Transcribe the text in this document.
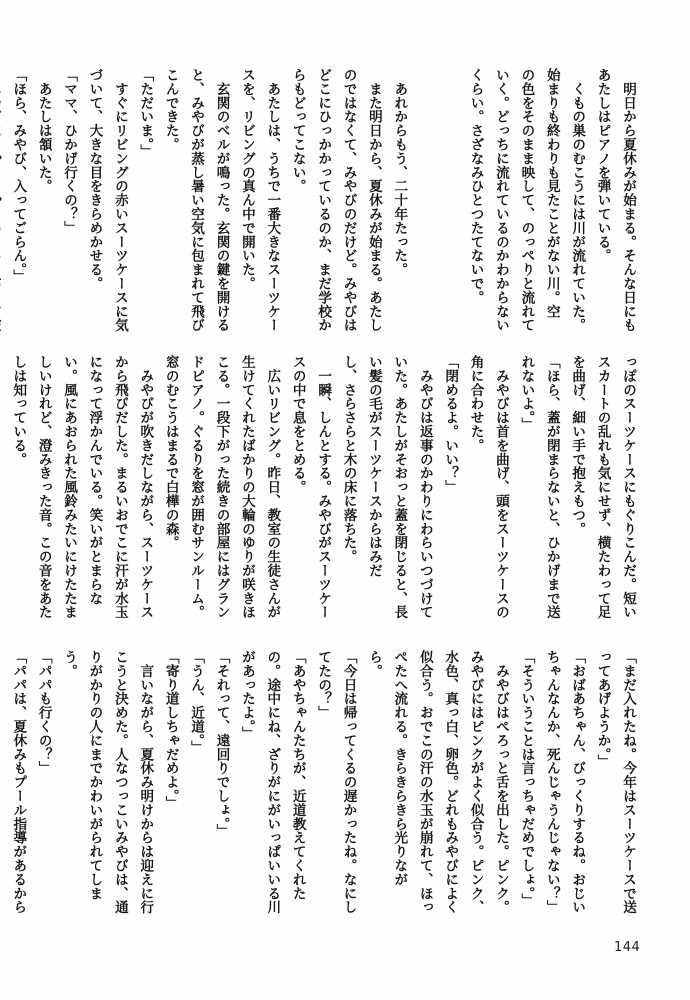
　明日から夏休みが始まる。そんな日にも
あたしはピアノを弾いている。
　くもの巣のむこうには川が流れていた。
始まりも終わりも見たことがない川。空
の色をそのまま映して、のっぺりと流れて
いく。どっちに流れているのかわからない
くらい。さざなみひとつたてないで。

　あれからもう、二十年たった。
　また明日から、夏休みが始まる。あたし
のではなくて、みやびのだけど。みやびは
どこにひっかかっているのか、まだ学校か
らもどってこない。
　あたしは、うちで一番大きなスーツケー
スを、リビングの真ん中で開いた。
　玄関のベルが鳴った。玄関の鍵を開ける
と、みやびが蒸し暑い空気に包まれて飛び
こんできた。
「ただいま。」
　すぐにリビングの赤いスーツケースに気
づいて、大きな目をきらめかせる。
「ママ、ひかげ行くの？」
　あたしは頷いた。
「ほら、みやび、入ってごらん。」
っぽのスーツケースにもぐりこんだ。短い
スカートの乱れも気にせず、横たわって足
を曲げ、細い手で抱えもつ。
「ほら、蓋が閉まらないと、ひかげまで送
れないよ。」
　みやびは首を曲げ、頭をスーツケースの
角に合わせた。
「閉めるよ。いい？」
　みやびは返事のかわりにわらいつづけて
いた。あたしがそおっと蓋を閉じると、長
い髪の毛がスーツケースからはみだ
し、さらさらと木の床に落ちた。
　一瞬、しんとする。みやびがスーツケー
スの中で息をとめる。
　広いリビング。昨日、教室の生徒さんが
生けてくれたばかりの大輪のゆりが咲きほ
こる。一段下がった続きの部屋にはグラン
ドピアノ。ぐるりを窓が囲むサンルーム。
窓のむこうはまるで白樺の森。
　みやびが吹きだしながら、スーツケース
から飛びだした。まるいおでこに汗が水玉
になって浮かんでいる。笑いがとまらな
い。風にあおられた風鈴みたいにけたたま
しいけれど、澄みきった音。この音をあた
しは知っている。
「まだ入れたね。今年はスーツケースで送
ってあげようか。」
「おばあちゃん、びっくりするね。おじい
ちゃんなんか、死んじゃうんじゃない？」
「そういうことは言っちゃだめでしょ。」
　みやびはぺろっと舌を出した。ピンク。
みやびにはピンクがよく似合う。ピンク、
水色、真っ白、卵色。どれもみやびによく
似合う。おでこの汗の水玉が崩れて、ほっ
ぺたへ流れる。きらきらきら光りなが
ら。
「今日は帰ってくるの遅かったね。なにし
てたの？」
「あやちゃんたちが、近道教えてくれた
の。途中にね、ざりがにがいっぱいいる川
があったよ。」
「それって、遠回りでしょ。」
「うん、近道。」
「寄り道しちゃだめよ。」
　言いながら、夏休み明けからは迎えに行
こうと決めた。人なつっこいみやびは、通
りがかりの人にまでかわいがられてしま
う。
「パパも行くの？」
「パパは、夏休みもプール指導があるから
144
